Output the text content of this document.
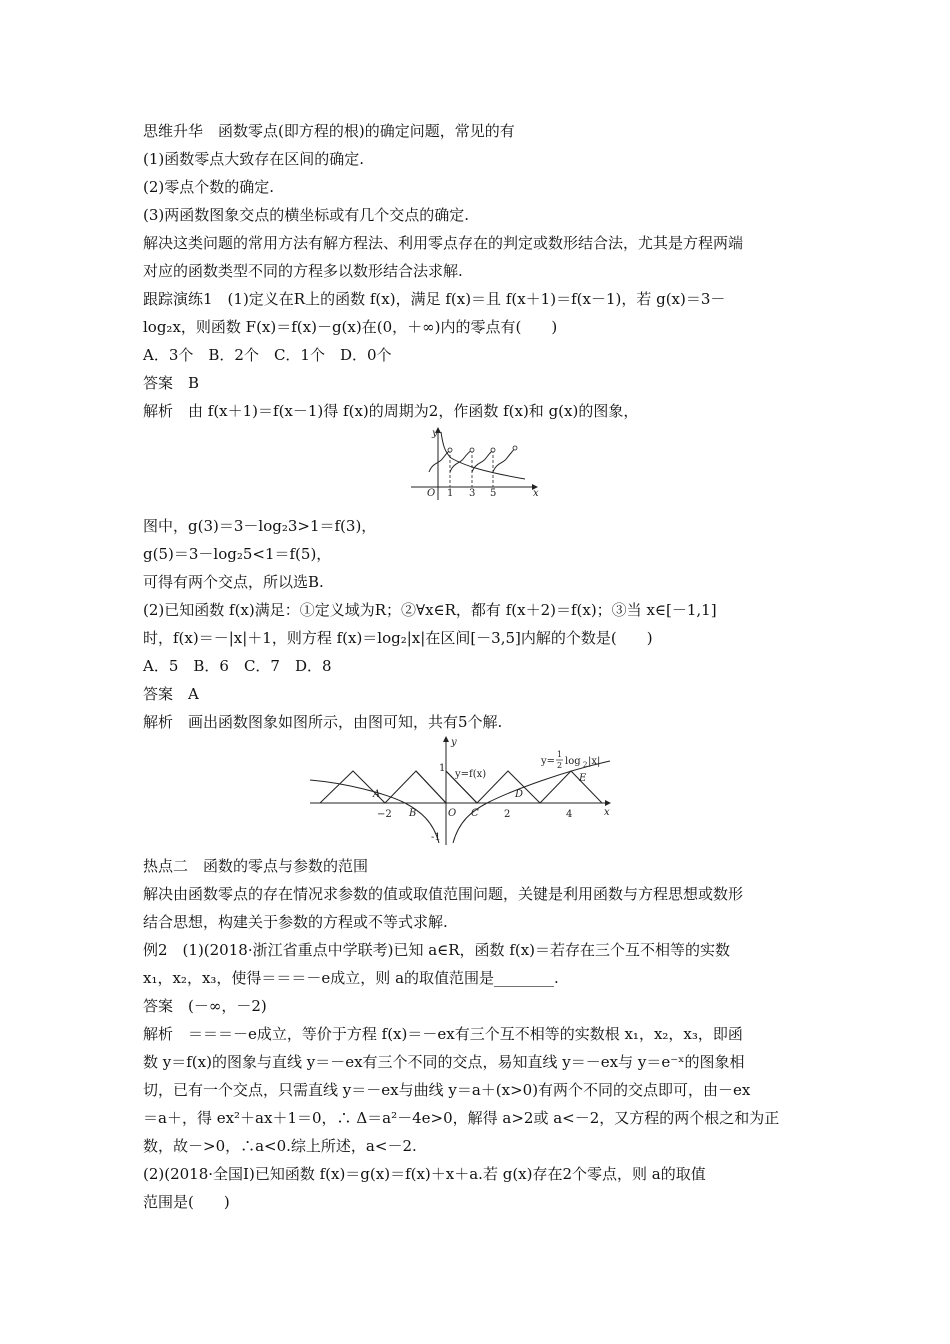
思维升华　函数零点(即方程的根)的确定问题，常见的有
(1)函数零点大致存在区间的确定.
(2)零点个数的确定.
(3)两函数图象交点的横坐标或有几个交点的确定.
解决这类问题的常用方法有解方程法、利用零点存在的判定或数形结合法，尤其是方程两端
对应的函数类型不同的方程多以数形结合法求解.
跟踪演练1　(1)定义在R上的函数 f(x)，满足 f(x)＝且 f(x＋1)＝f(x－1)，若 g(x)＝3－
log₂x，则函数 F(x)＝f(x)－g(x)在(0，＋∞)内的零点有(　　)
A．3个　B．2个　C．1个　D．0个
答案　B
解析　由 f(x＋1)＝f(x－1)得 f(x)的周期为2，作函数 f(x)和 g(x)的图象，
y
x
O 1 3 5
图中，g(3)＝3－log₂3>1＝f(3)，
g(5)＝3－log₂5<1＝f(5)，
可得有两个交点，所以选B.
(2)已知函数 f(x)满足：①定义域为R；②∀x∈R，都有 f(x＋2)＝f(x)；③当 x∈[－1,1]
时，f(x)＝－|x|＋1，则方程 f(x)＝log₂|x|在区间[－3,5]内解的个数是(　　)
A．5　B．6　C．7　D．8
答案　A
解析　画出函数图象如图所示，由图可知，共有5个解.
y
x
O
1
-1
−2	2	4
y=f(x)
y=
1
2 log 2 |x|
A
B	C
D
E
热点二　函数的零点与参数的范围
解决由函数零点的存在情况求参数的值或取值范围问题，关键是利用函数与方程思想或数形
结合思想，构建关于参数的方程或不等式求解.
例2　(1)(2018·浙江省重点中学联考)已知 a∈R，函数 f(x)＝若存在三个互不相等的实数
x₁，x₂，x₃，使得＝＝＝－e成立，则 a的取值范围是________.
答案　(－∞，－2)
解析　＝＝＝－e成立，等价于方程 f(x)＝－ex有三个互不相等的实数根 x₁，x₂，x₃，即函
数 y＝f(x)的图象与直线 y＝－ex有三个不同的交点，易知直线 y＝－ex与 y＝e⁻ˣ的图象相
切，已有一个交点，只需直线 y＝－ex与曲线 y＝a＋(x>0)有两个不同的交点即可，由－ex
＝a＋，得 ex²＋ax＋1＝0，∴ Δ＝a²－4e>0，解得 a>2或 a<－2，又方程的两个根之和为正
数，故－>0，∴a<0.综上所述，a<－2.
(2)(2018·全国Ⅰ)已知函数 f(x)＝g(x)＝f(x)＋x＋a.若 g(x)存在2个零点，则 a的取值
范围是(　　)
